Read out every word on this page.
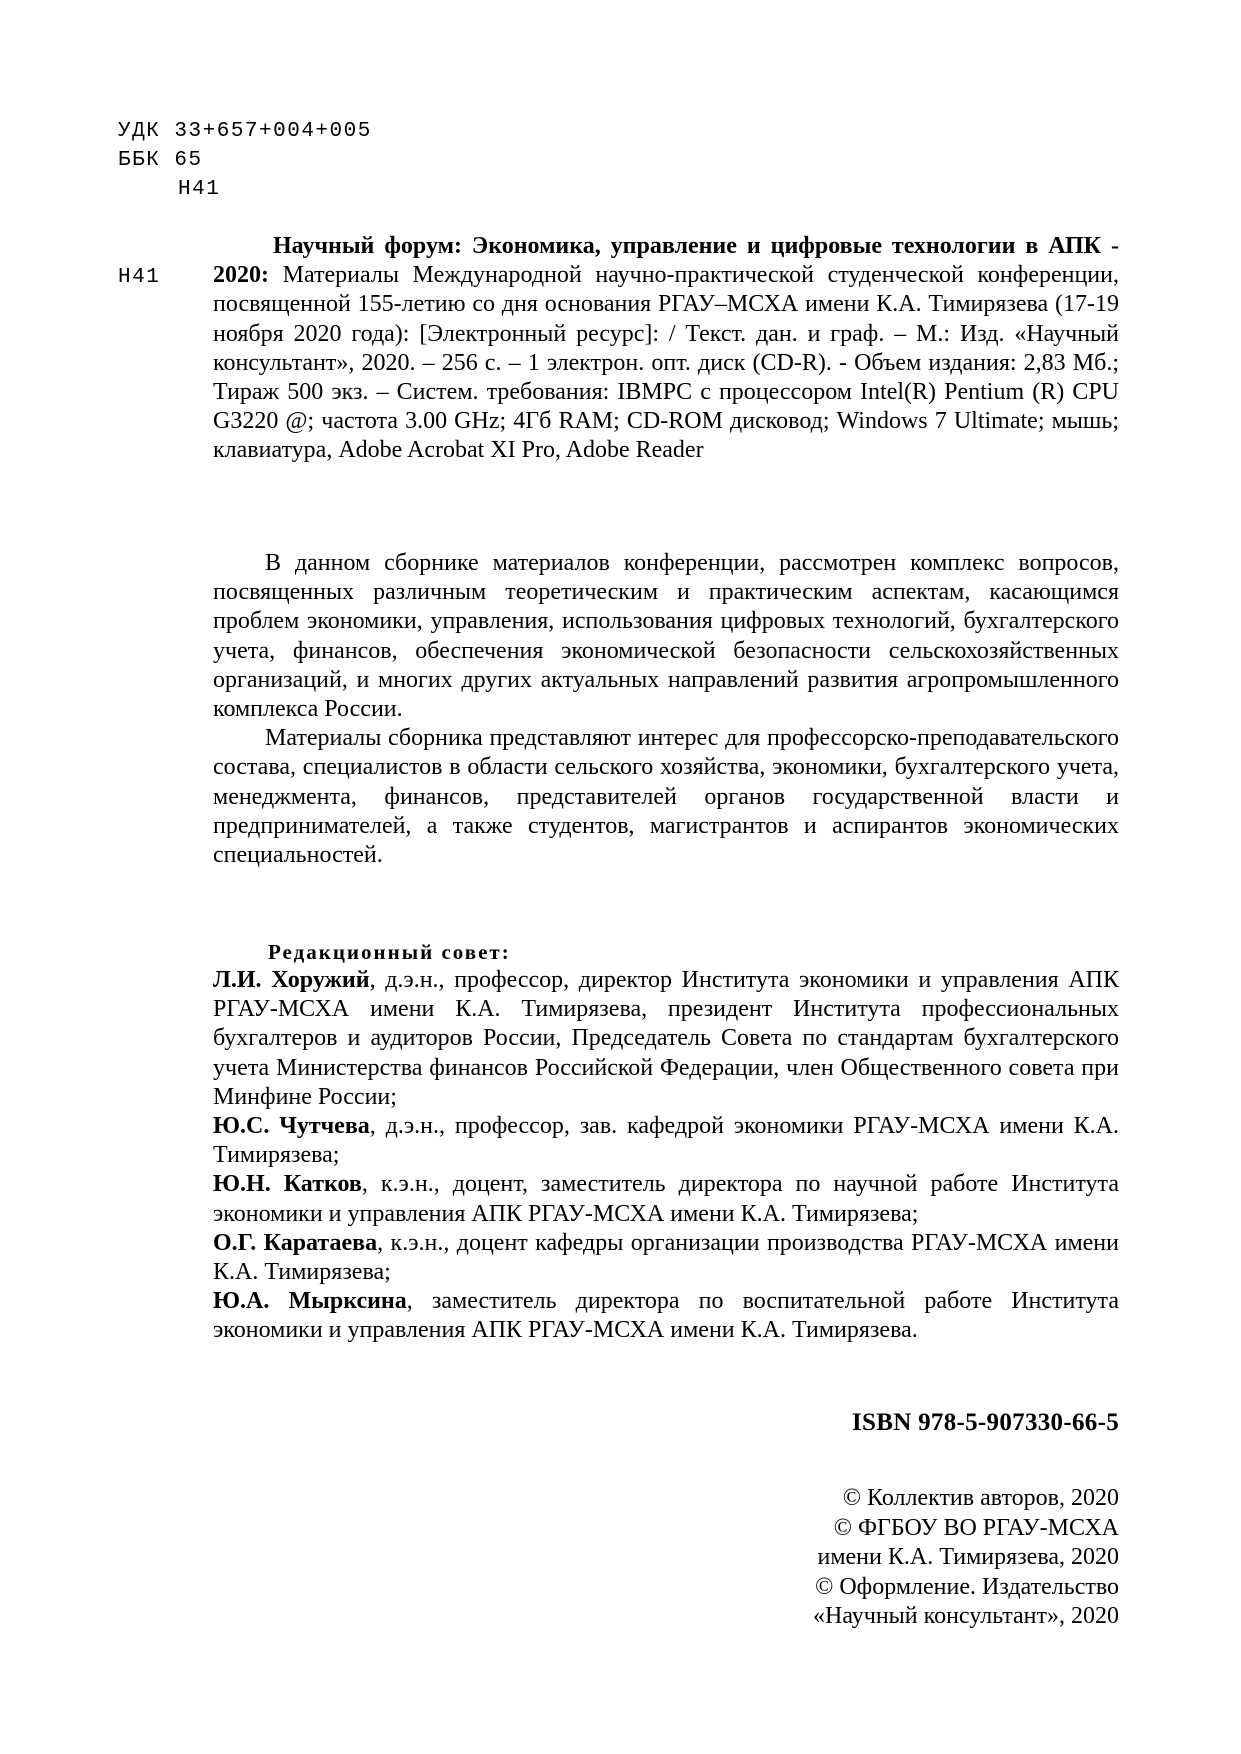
УДК 33+657+004+005
ББК 65
Н41
Н41
Научный форум: Экономика, управление и цифровые технологии в АПК - 2020: Материалы Международной научно-практической студенческой конференции, посвященной 155-летию со дня основания РГАУ–МСХА имени К.А. Тимирязева (17-19 ноября 2020 года): [Электронный ресурс]: / Текст. дан. и граф. – М.: Изд. «Научный консультант», 2020. – 256 с. – 1 электрон. опт. диск (CD-R). - Объем издания: 2,83 Мб.; Тираж 500 экз. – Систем. требования: IBMPC с процессором Intel(R) Pentium (R) CPU G3220 @; частота 3.00 GHz; 4Гб RAM; CD-ROM дисковод; Windows 7 Ultimate; мышь; клавиатура, Adobe Acrobat XI Pro, Adobe Reader

В данном сборнике материалов конференции, рассмотрен комплекс вопросов, посвященных различным теоретическим и практическим аспектам, касающимся проблем экономики, управления, использования цифровых технологий, бухгалтерского учета, финансов, обеспечения экономической безопасности сельскохозяйственных организаций, и многих других актуальных направлений развития агропромышленного комплекса России.

Материалы сборника представляют интерес для профессорско-преподавательского состава, специалистов в области сельского хозяйства, экономики, бухгалтерского учета, менеджмента, финансов, представителей органов государственной власти и предпринимателей, а также студентов, магистрантов и аспирантов экономических специальностей.

Редакционный совет:

Л.И. Хоружий, д.э.н., профессор, директор Института экономики и управления АПК РГАУ-МСХА имени К.А. Тимирязева, президент Института профессиональных бухгалтеров и аудиторов России, Председатель Совета по стандартам бухгалтерского учета Министерства финансов Российской Федерации, член Общественного совета при Минфине России;

Ю.С. Чутчева, д.э.н., профессор, зав. кафедрой экономики РГАУ-МСХА имени К.А. Тимирязева;

Ю.Н. Катков, к.э.н., доцент, заместитель директора по научной работе Института экономики и управления АПК РГАУ-МСХА имени К.А. Тимирязева;

О.Г. Каратаева, к.э.н., доцент кафедры организации производства РГАУ-МСХА имени К.А. Тимирязева;

Ю.А. Мырксина, заместитель директора по воспитательной работе Института экономики и управления АПК РГАУ-МСХА имени К.А. Тимирязева.

ISBN 978-5-907330-66-5
© Коллектив авторов, 2020
© ФГБОУ ВО РГАУ-МСХА
имени К.А. Тимирязева, 2020
© Оформление. Издательство
«Научный консультант», 2020
